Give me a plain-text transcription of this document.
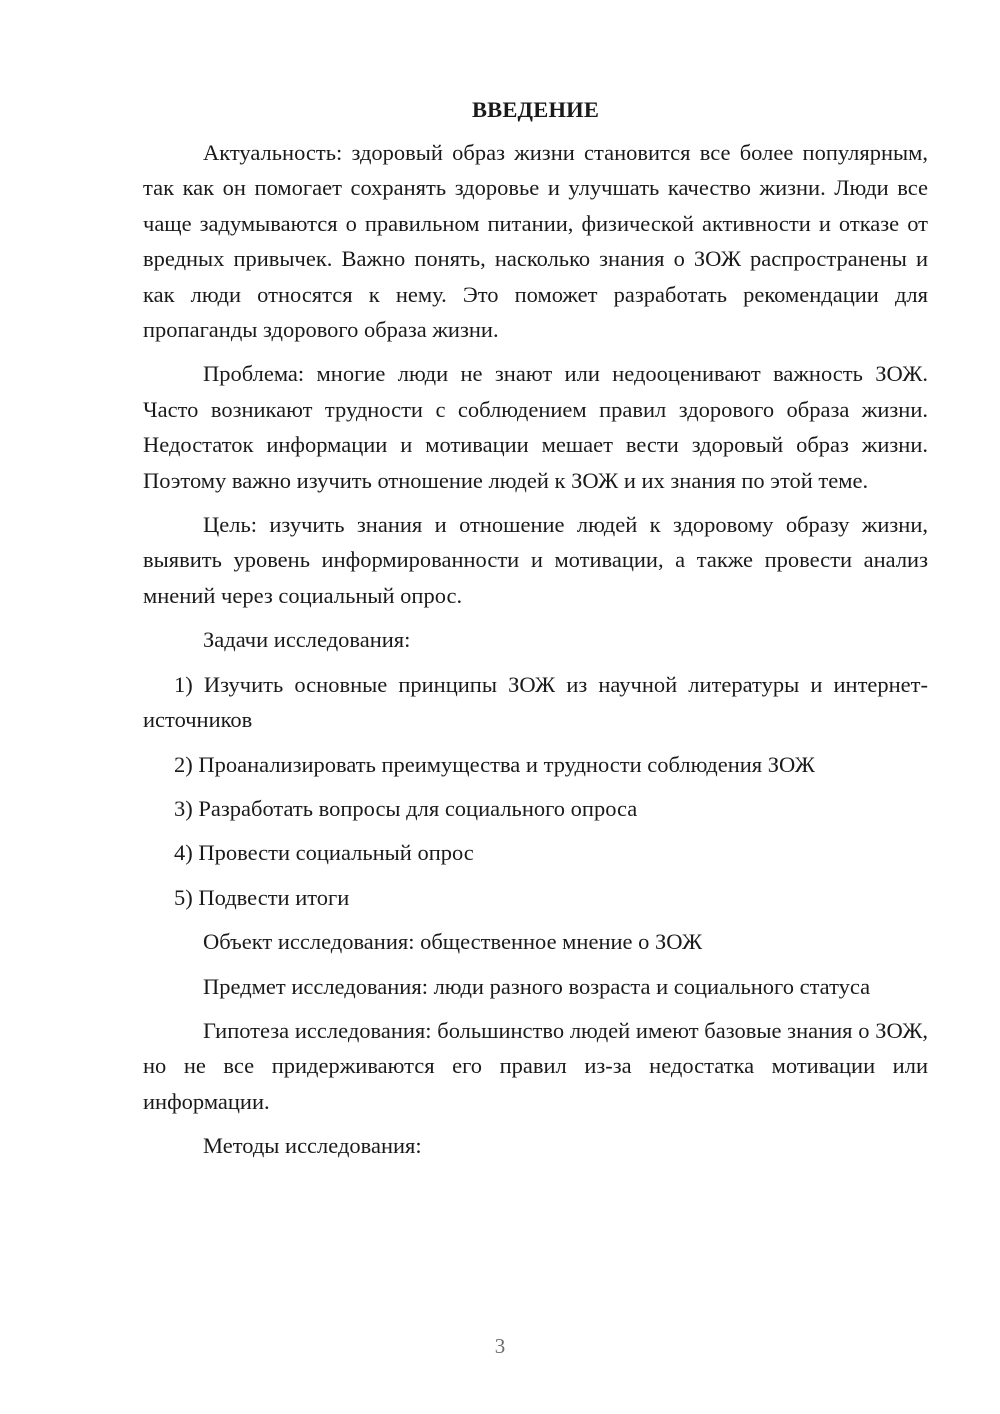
ВВЕДЕНИЕ

Актуальность: здоровый образ жизни становится все более популярным, так как он помогает сохранять здоровье и улучшать качество жизни. Люди все чаще задумываются о правильном питании, физической активности и отказе от вредных привычек. Важно понять, насколько знания о ЗОЖ распространены и как люди относятся к нему. Это поможет разработать рекомендации для пропаганды здорового образа жизни.

Проблема: многие люди не знают или недооценивают важность ЗОЖ. Часто возникают трудности с соблюдением правил здорового образа жизни. Недостаток информации и мотивации мешает вести здоровый образ жизни. Поэтому важно изучить отношение людей к ЗОЖ и их знания по этой теме.

Цель: изучить знания и отношение людей к здоровому образу жизни, выявить уровень информированности и мотивации, а также провести анализ мнений через социальный опрос.

Задачи исследования:

1) Изучить основные принципы ЗОЖ из научной литературы и интернет-источников

2) Проанализировать преимущества и трудности соблюдения ЗОЖ

3) Разработать вопросы для социального опроса

4) Провести социальный опрос

5) Подвести итоги

Объект исследования: общественное мнение о ЗОЖ

Предмет исследования: люди разного возраста и социального статуса

Гипотеза исследования: большинство людей имеют базовые знания о ЗОЖ, но не все придерживаются его правил из-за недостатка мотивации или информации.

Методы исследования:

3
